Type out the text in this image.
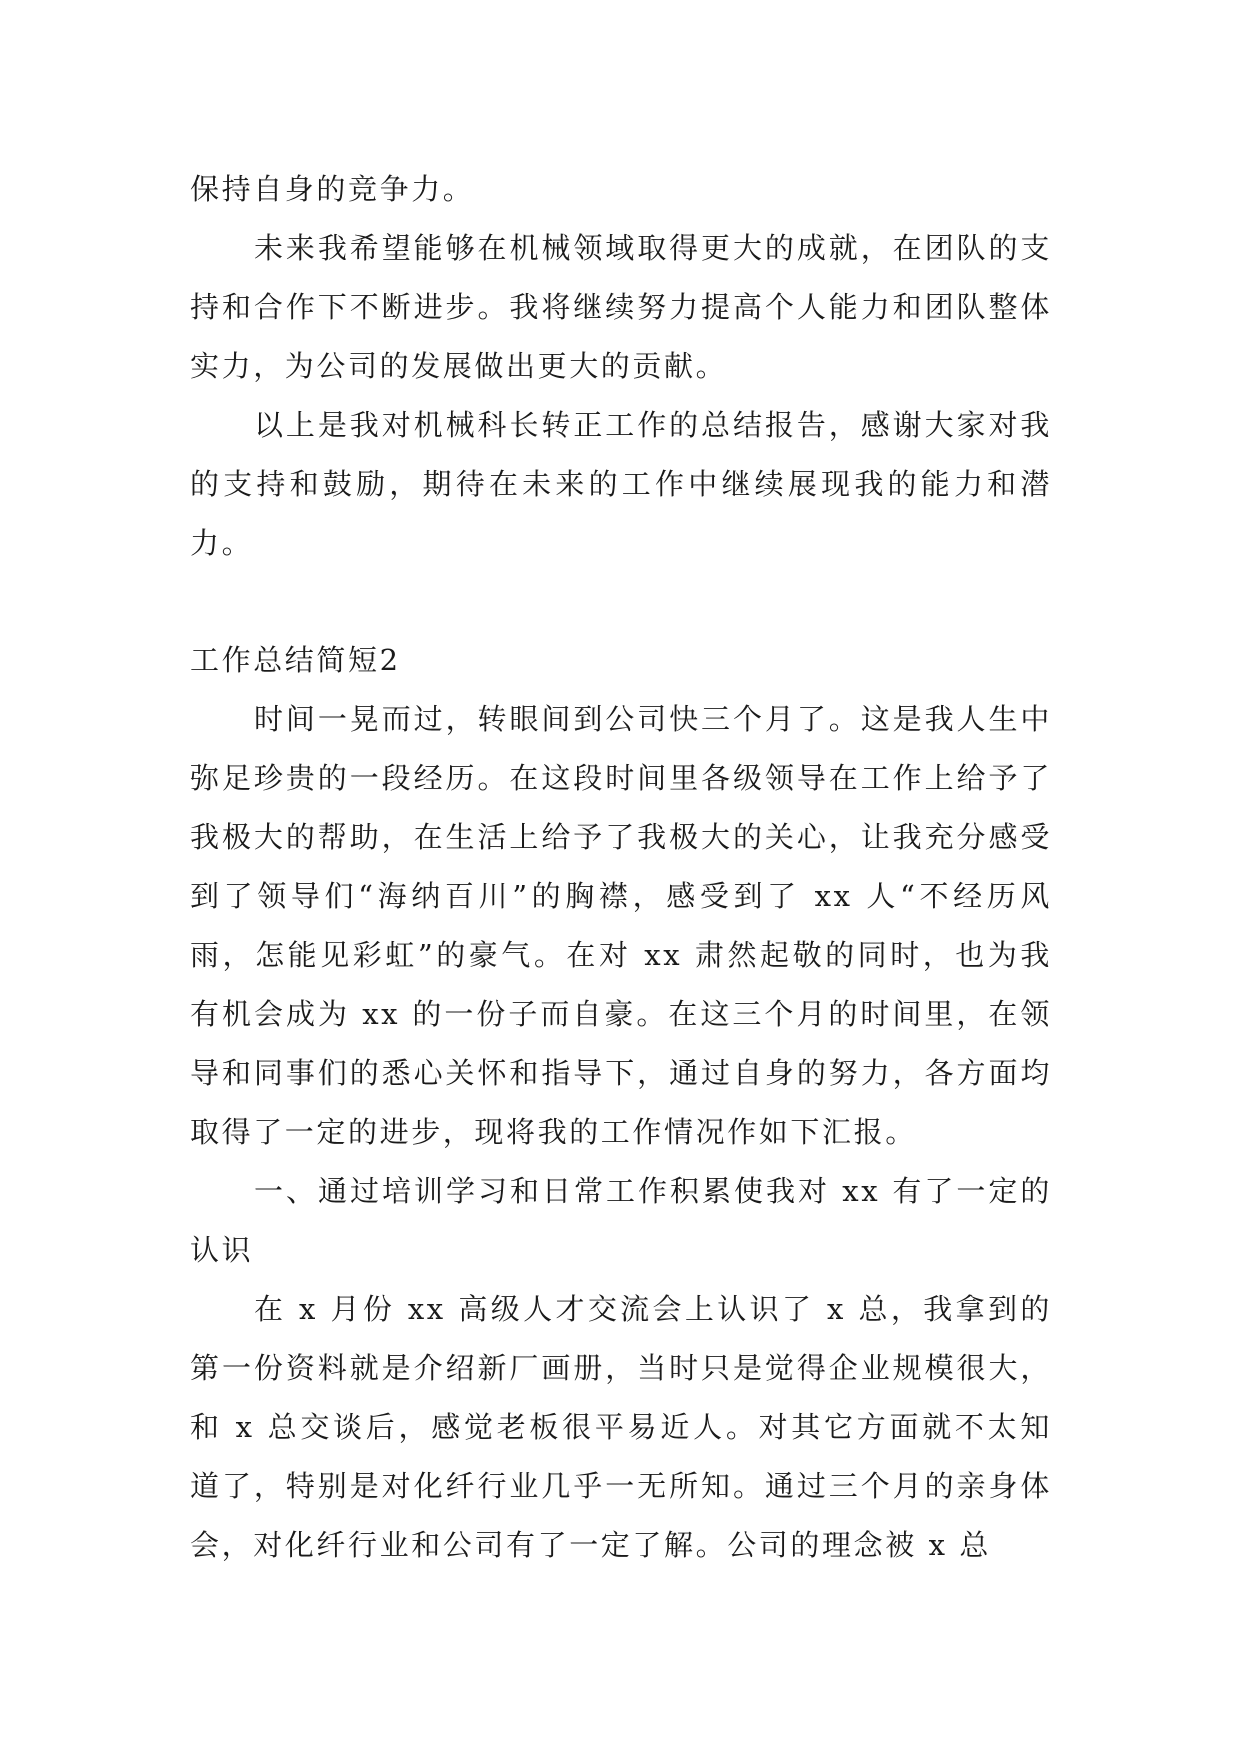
保持自身的竞争力。

未来我希望能够在机械领域取得更大的成就，在团队的支持和合作下不断进步。我将继续努力提高个人能力和团队整体实力，为公司的发展做出更大的贡献。

以上是我对机械科长转正工作的总结报告，感谢大家对我的支持和鼓励，期待在未来的工作中继续展现我的能力和潜力。

工作总结简短2

时间一晃而过，转眼间到公司快三个月了。这是我人生中弥足珍贵的一段经历。在这段时间里各级领导在工作上给予了我极大的帮助，在生活上给予了我极大的关心，让我充分感受到了领导们“海纳百川”的胸襟，感受到了 xx 人“不经历风雨，怎能见彩虹”的豪气。在对 xx 肃然起敬的同时，也为我有机会成为 xx 的一份子而自豪。在这三个月的时间里，在领导和同事们的悉心关怀和指导下，通过自身的努力，各方面均取得了一定的进步，现将我的工作情况作如下汇报。

一、通过培训学习和日常工作积累使我对 xx 有了一定的认识

在 x 月份 xx 高级人才交流会上认识了 x 总，我拿到的第一份资料就是介绍新厂画册，当时只是觉得企业规模很大，和 x 总交谈后，感觉老板很平易近人。对其它方面就不太知道了，特别是对化纤行业几乎一无所知。通过三个月的亲身体会，对化纤行业和公司有了一定了解。公司的理念被 x 总
